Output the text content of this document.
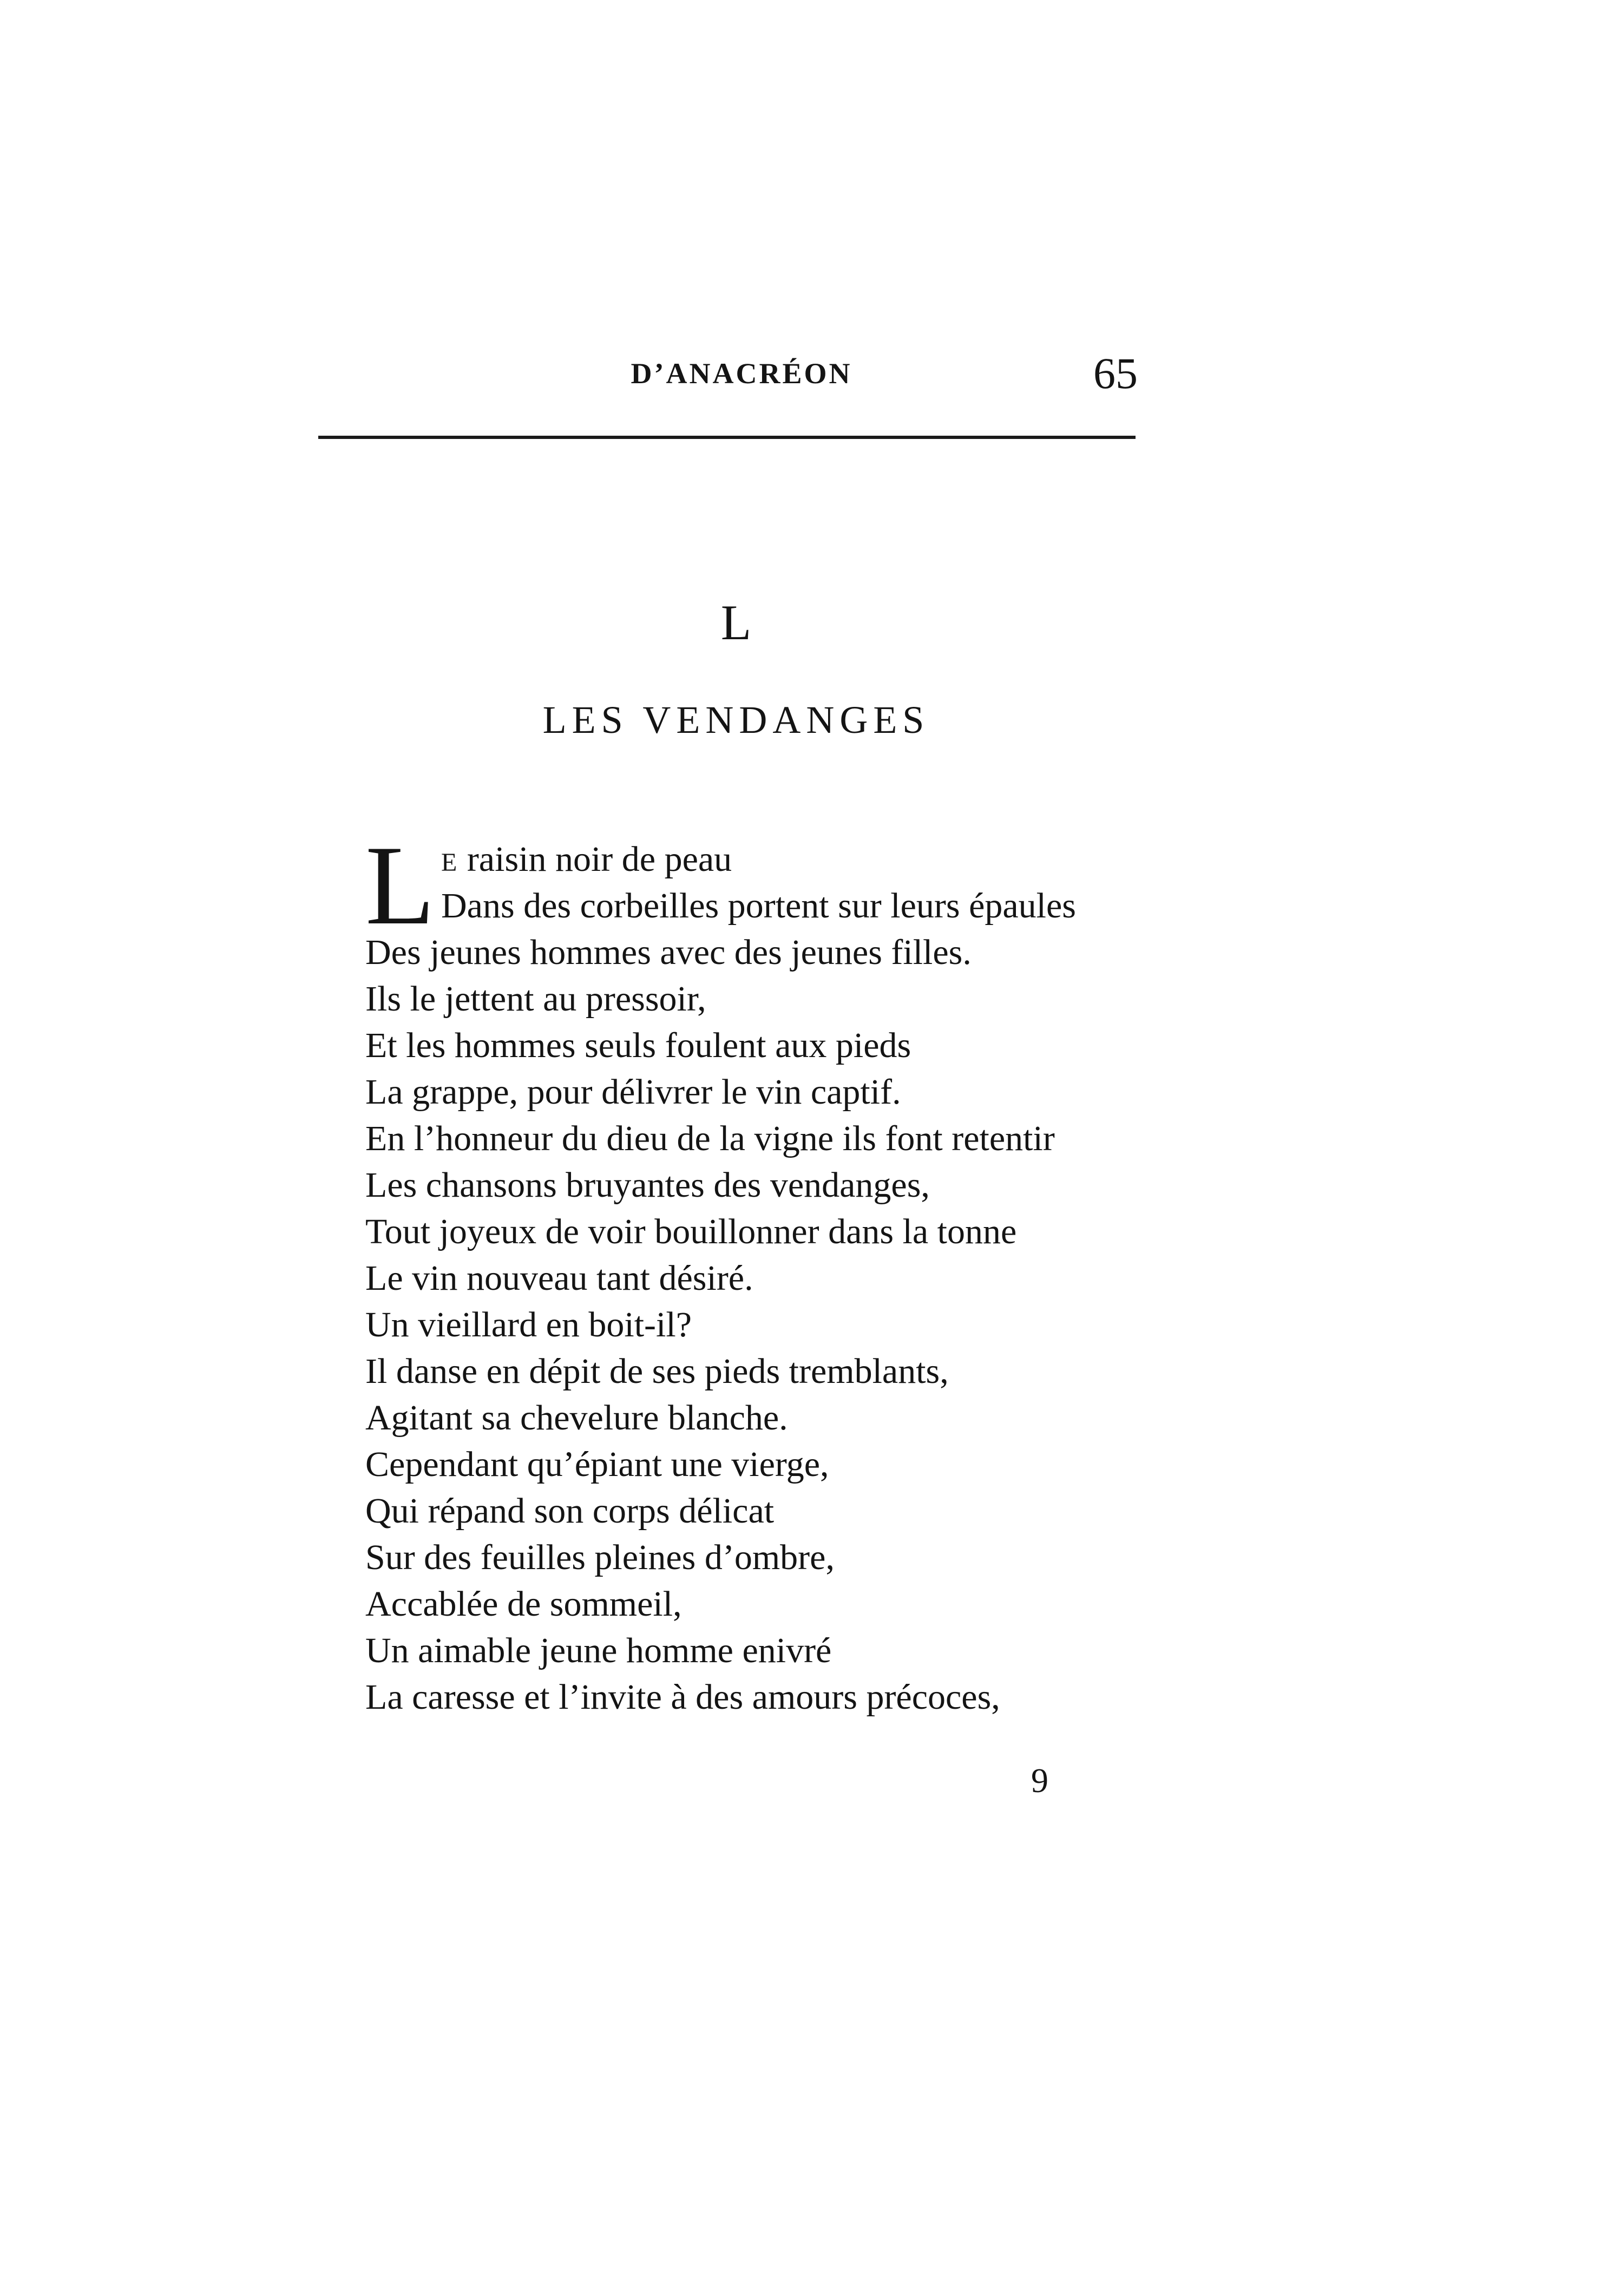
D’ANACRÉON	65
L
LES VENDANGES
L E raisin noir de peau
Dans des corbeilles portent sur leurs épaules
Des jeunes hommes avec des jeunes filles.
Ils le jettent au pressoir,
Et les hommes seuls foulent aux pieds
La grappe, pour délivrer le vin captif.
En l’honneur du dieu de la vigne ils font retentir
Les chansons bruyantes des vendanges,
Tout joyeux de voir bouillonner dans la tonne
Le vin nouveau tant désiré.
Un vieillard en boit-il?
Il danse en dépit de ses pieds tremblants,
Agitant sa chevelure blanche.
Cependant qu’épiant une vierge,
Qui répand son corps délicat
Sur des feuilles pleines d’ombre,
Accablée de sommeil,
Un aimable jeune homme enivré
La caresse et l’invite à des amours précoces,
9
